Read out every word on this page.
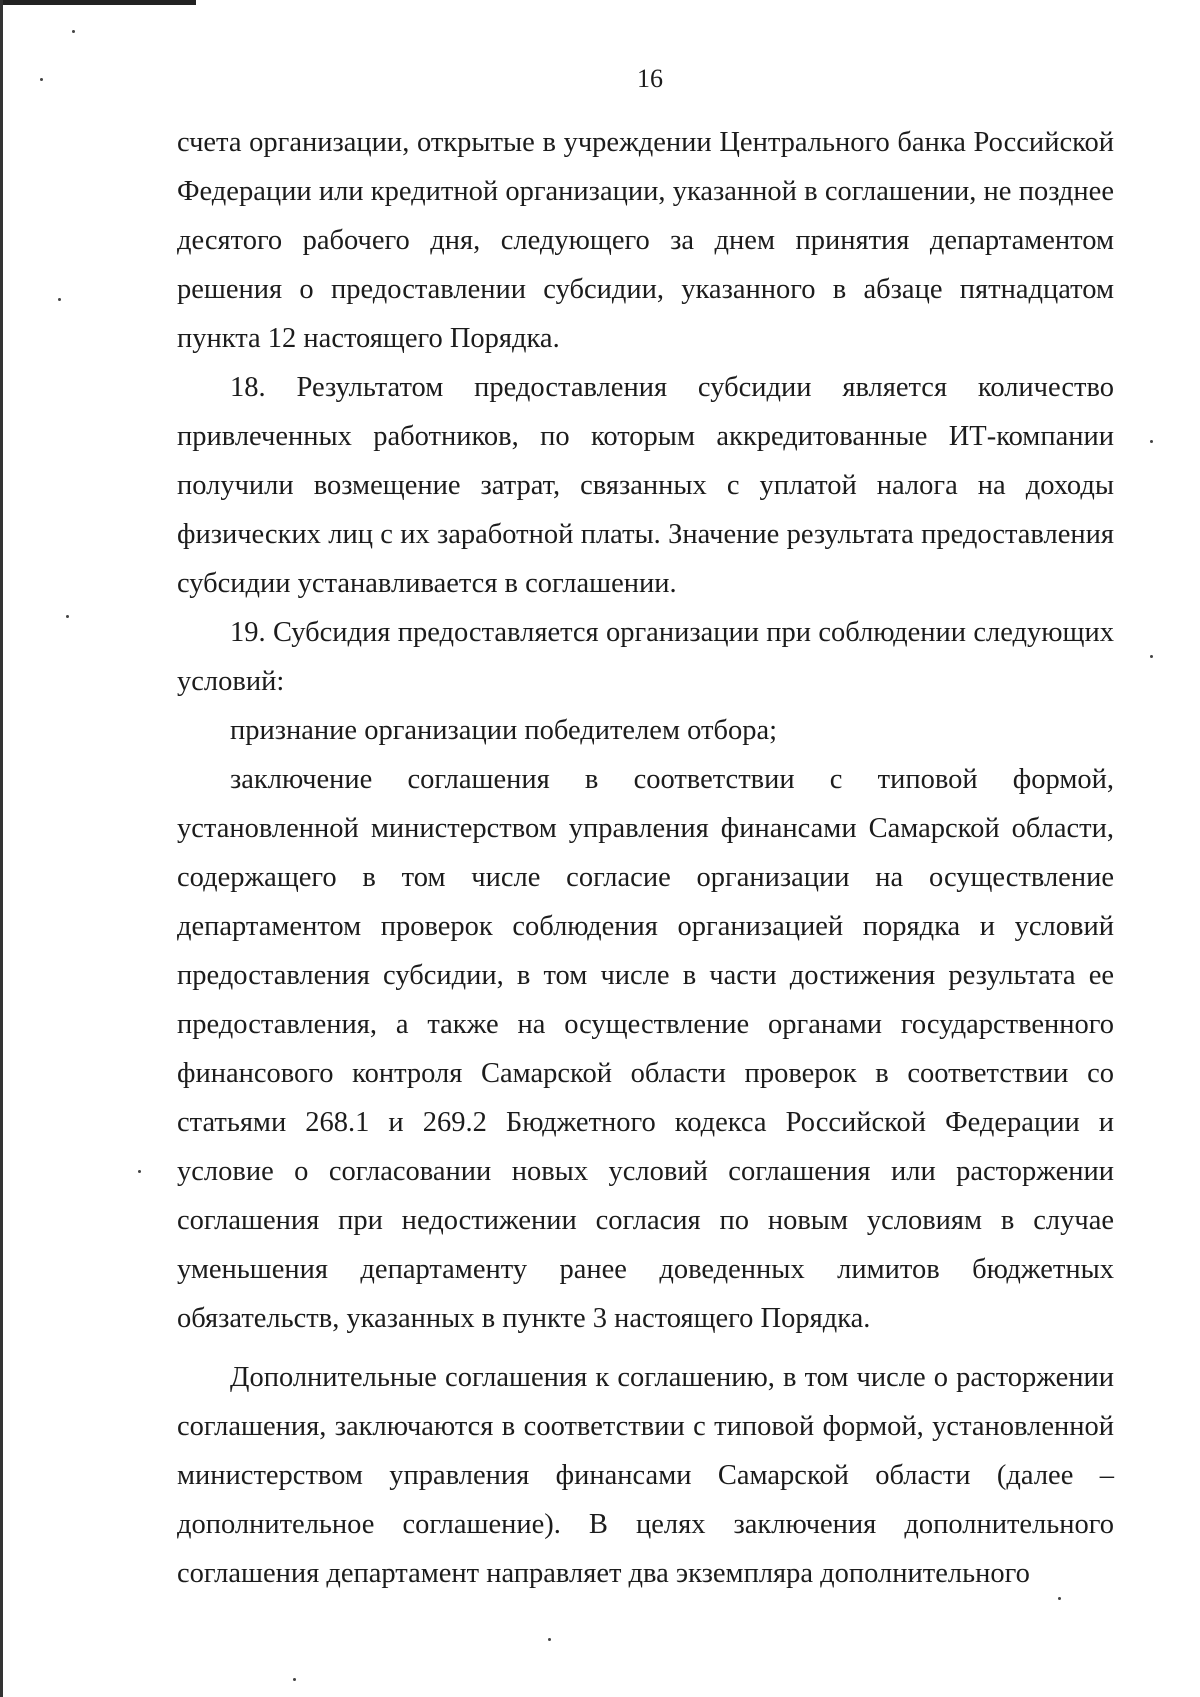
16

счета организации, открытые в учреждении Центрального банка Российской Федерации или кредитной организации, указанной в соглашении, не позднее десятого рабочего дня, следующего за днем принятия департаментом решения о предоставлении субсидии, указанного в абзаце пятнадцатом пункта 12 настоящего Порядка.

18. Результатом предоставления субсидии является количество привлеченных работников, по которым аккредитованные ИТ-компании получили возмещение затрат, связанных с уплатой налога на доходы физических лиц с их заработной платы. Значение результата предоставления субсидии устанавливается в соглашении.

19. Субсидия предоставляется организации при соблюдении следующих условий:

признание организации победителем отбора;

заключение соглашения в соответствии с типовой формой, установленной министерством управления финансами Самарской области, содержащего в том числе согласие организации на осуществление департаментом проверок соблюдения организацией порядка и условий предоставления субсидии, в том числе в части достижения результата ее предоставления, а также на осуществление органами государственного финансового контроля Самарской области проверок в соответствии со статьями 268.1 и 269.2 Бюджетного кодекса Российской Федерации и условие о согласовании новых условий соглашения или расторжении соглашения при недостижении согласия по новым условиям в случае уменьшения департаменту ранее доведенных лимитов бюджетных обязательств, указанных в пункте 3 настоящего Порядка.

Дополнительные соглашения к соглашению, в том числе о расторжении соглашения, заключаются в соответствии с типовой формой, установленной министерством управления финансами Самарской области (далее – дополнительное соглашение). В целях заключения дополнительного соглашения департамент направляет два экземпляра дополнительного
